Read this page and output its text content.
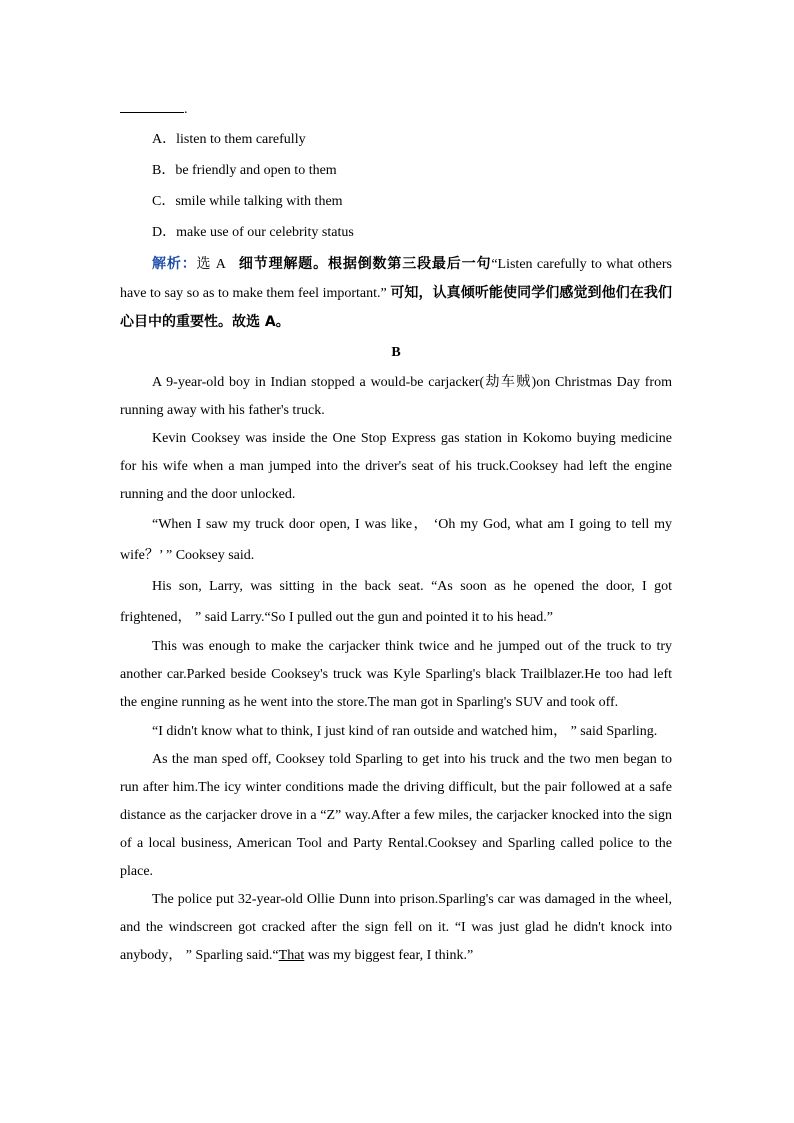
.
A．listen to them carefully
B．be friendly and open to them
C．smile while talking with them
D．make use of our celebrity status
解析：选 A 细节理解题。根据倒数第三段最后一句“Listen carefully to what others have to say so as to make them feel important.” 可知，认真倾听能使同学们感觉到他们在我们心目中的重要性。故选 A。
B

A 9-year-old boy in Indian stopped a would-be carjacker(劫车贼)on Christmas Day from running away with his father's truck.

Kevin Cooksey was inside the One Stop Express gas station in Kokomo buying medicine for his wife when a man jumped into the driver's seat of his truck.Cooksey had left the engine running and the door unlocked.

“When I saw my truck door open, I was like， ‘Oh my God, what am I going to tell my wife？’ ” Cooksey said.

His son, Larry, was sitting in the back seat. “As soon as he opened the door, I got frightened， ” said Larry.“So I pulled out the gun and pointed it to his head.”

This was enough to make the carjacker think twice and he jumped out of the truck to try another car.Parked beside Cooksey's truck was Kyle Sparling's black Trailblazer.He too had left the engine running as he went into the store.The man got in Sparling's SUV and took off.

“I didn't know what to think, I just kind of ran outside and watched him， ” said Sparling.

As the man sped off, Cooksey told Sparling to get into his truck and the two men began to run after him.The icy winter conditions made the driving difficult, but the pair followed at a safe distance as the carjacker drove in a “Z” way.After a few miles, the carjacker knocked into the sign of a local business, American Tool and Party Rental.Cooksey and Sparling called police to the place.

The police put 32-year-old Ollie Dunn into prison.Sparling's car was damaged in the wheel, and the windscreen got cracked after the sign fell on it. “I was just glad he didn't knock into anybody， ” Sparling said.“That was my biggest fear, I think.”
